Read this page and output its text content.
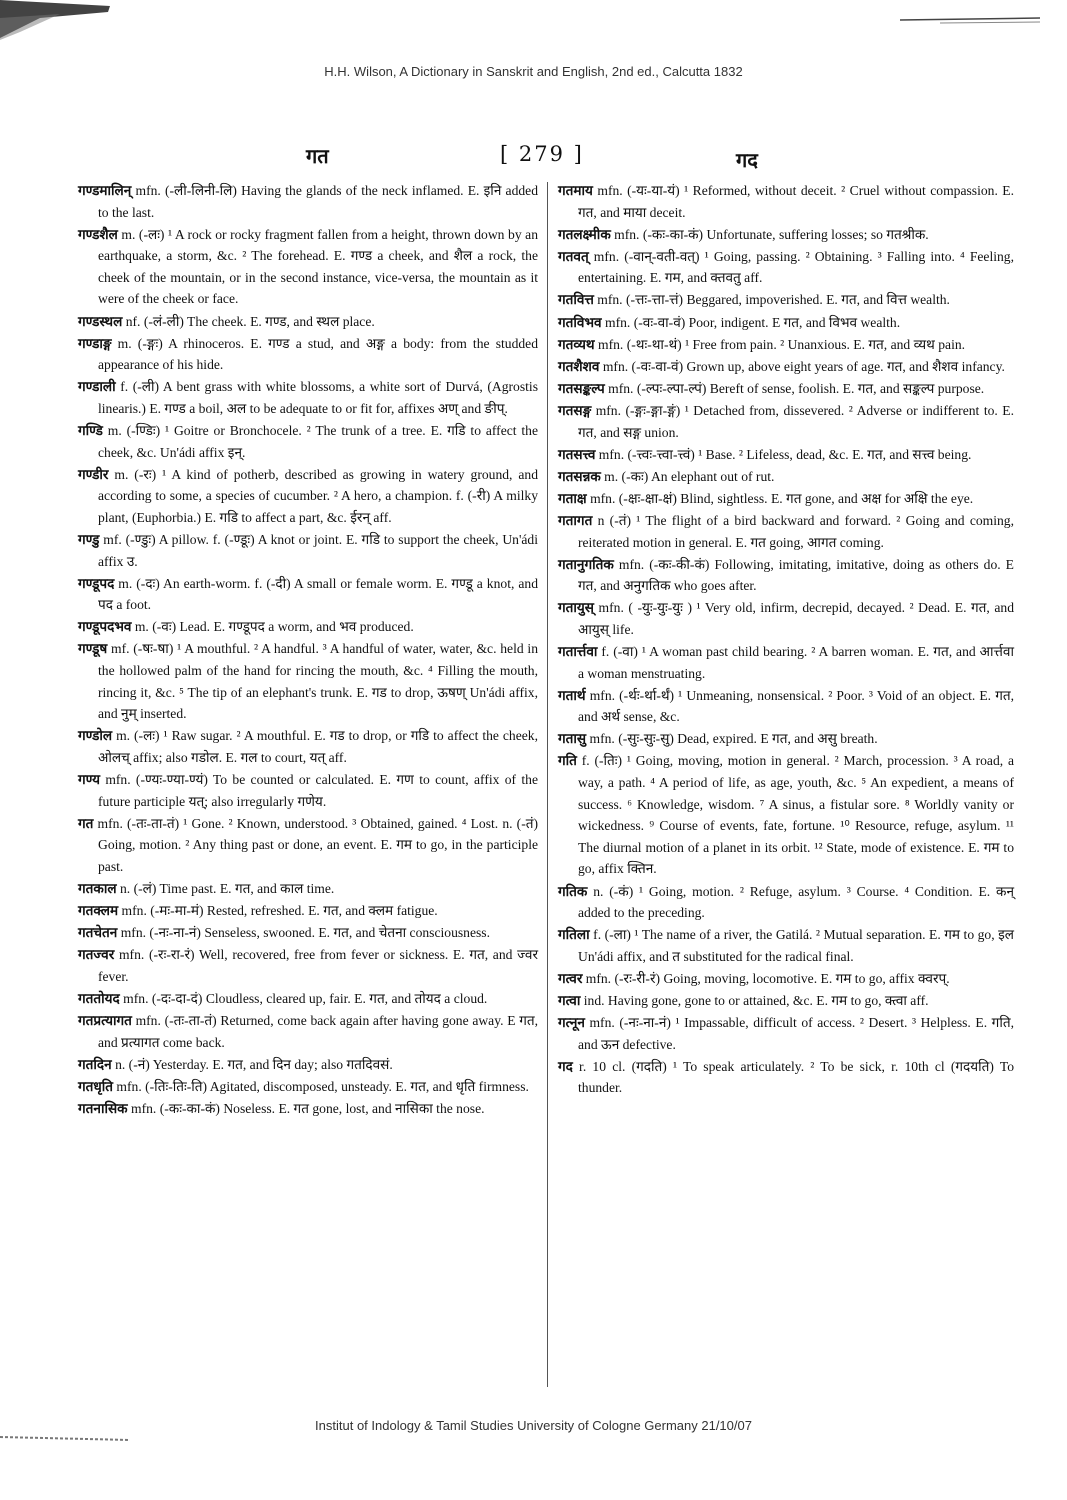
H.H. Wilson, A Dictionary in Sanskrit and English, 2nd ed., Calcutta 1832
गत	[ 279 ]	गद

गण्डमालिन् mfn. (-ली-लिनी-लि) Having the glands of the neck inflamed. E. इनि added to the last.

गण्डशैल m. (-लः) ¹ A rock or rocky fragment fallen from a height, thrown down by an earthquake, a storm, &c. ² The forehead. E. गण्ड a cheek, and शैल a rock, the cheek of the mountain, or in the second instance, vice-versa, the mountain as it were of the cheek or face.

गण्डस्थल nf. (-लं-ली) The cheek. E. गण्ड, and स्थल place.

गण्डाङ्ग m. (-ङ्गः) A rhinoceros. E. गण्ड a stud, and अङ्ग a body: from the studded appearance of his hide.

गण्डाली f. (-ली) A bent grass with white blossoms, a white sort of Durvá, (Agrostis linearis.) E. गण्ड a boil, अल to be adequate to or fit for, affixes अण् and ङीप्.

गण्डि m. (-ण्डिः) ¹ Goitre or Bronchocele. ² The trunk of a tree. E. गडि to affect the cheek, &c. Un'ádi affix इन्.

गण्डीर m. (-रः) ¹ A kind of potherb, described as growing in watery ground, and according to some, a species of cucumber. ² A hero, a champion. f. (-री) A milky plant, (Euphorbia.) E. गडि to affect a part, &c. ईरन् aff.

गण्डु mf. (-ण्डुः) A pillow. f. (-ण्डूः) A knot or joint. E. गडि to support the cheek, Un'ádi affix उ.

गण्डूपद m. (-दः) An earth-worm. f. (-दी) A small or female worm. E. गण्डू a knot, and पद a foot.

गण्डूपदभव m. (-वः) Lead. E. गण्डूपद a worm, and भव produced.

गण्डूष mf. (-षः-षा) ¹ A mouthful. ² A handful. ³ A handful of water, water, &c. held in the hollowed palm of the hand for rincing the mouth, &c. ⁴ Filling the mouth, rincing it, &c. ⁵ The tip of an elephant's trunk. E. गड to drop, ऊषण् Un'ádi affix, and नुम् inserted.

गण्डोल m. (-लः) ¹ Raw sugar. ² A mouthful. E. गड to drop, or गडि to affect the cheek, ओलच् affix; also गडोल. E. गल to court, यत् aff.

गण्य mfn. (-ण्यः-ण्या-ण्यं) To be counted or calculated. E. गण to count, affix of the future participle यत्; also irregularly गणेय.

गत mfn. (-तः-ता-तं) ¹ Gone. ² Known, understood. ³ Obtained, gained. ⁴ Lost. n. (-तं) Going, motion. ² Any thing past or done, an event. E. गम to go, in the participle past.

गतकाल n. (-लं) Time past. E. गत, and काल time.

गतक्लम mfn. (-मः-मा-मं) Rested, refreshed. E. गत, and क्लम fatigue.

गतचेतन mfn. (-नः-ना-नं) Senseless, swooned. E. गत, and चेतना consciousness.

गतज्वर mfn. (-रः-रा-रं) Well, recovered, free from fever or sickness. E. गत, and ज्वर fever.

गततोयद mfn. (-दः-दा-दं) Cloudless, cleared up, fair. E. गत, and तोयद a cloud.

गतप्रत्यागत mfn. (-तः-ता-तं) Returned, come back again after having gone away. E गत, and प्रत्यागत come back.

गतदिन n. (-नं) Yesterday. E. गत, and दिन day; also गतदिवसं.

गतधृति mfn. (-तिः-तिः-ति) Agitated, discomposed, unsteady. E. गत, and धृति firmness.

गतनासिक mfn. (-कः-का-कं) Noseless. E. गत gone, lost, and नासिका the nose.

गतमाय mfn. (-यः-या-यं) ¹ Reformed, without deceit. ² Cruel without compassion. E. गत, and माया deceit.

गतलक्ष्मीक mfn. (-कः-का-कं) Unfortunate, suffering losses; so गतश्रीक.

गतवत् mfn. (-वान्-वती-वत्) ¹ Going, passing. ² Obtaining. ³ Falling into. ⁴ Feeling, entertaining. E. गम, and क्तवतु aff.

गतवित्त mfn. (-त्तः-त्ता-त्तं) Beggared, impoverished. E. गत, and वित्त wealth.

गतविभव mfn. (-वः-वा-वं) Poor, indigent. E गत, and विभव wealth.

गतव्यथ mfn. (-थः-था-थं) ¹ Free from pain. ² Unanxious. E. गत, and व्यथ pain.

गतशैशव mfn. (-वः-वा-वं) Grown up, above eight years of age. गत, and शैशव infancy.

गतसङ्कल्प mfn. (-ल्पः-ल्पा-ल्पं) Bereft of sense, foolish. E. गत, and सङ्कल्प purpose.

गतसङ्ग mfn. (-ङ्गः-ङ्गा-ङ्गं) ¹ Detached from, dissevered. ² Adverse or indifferent to. E. गत, and सङ्ग union.

गतसत्त्व mfn. (-त्त्वः-त्त्वा-त्त्वं) ¹ Base. ² Lifeless, dead, &c. E. गत, and सत्त्व being.

गतसन्नक m. (-कः) An elephant out of rut.

गताक्ष mfn. (-क्षः-क्षा-क्षं) Blind, sightless. E. गत gone, and अक्ष for अक्षि the eye.

गतागत n (-तं) ¹ The flight of a bird backward and forward. ² Going and coming, reiterated motion in general. E. गत going, आगत coming.

गतानुगतिक mfn. (-कः-की-कं) Following, imitating, imitative, doing as others do. E गत, and अनुगतिक who goes after.

गतायुस् mfn. ( -युः-युः-युः ) ¹ Very old, infirm, decrepid, decayed. ² Dead. E. गत, and आयुस् life.

गतार्त्तवा f. (-वा) ¹ A woman past child bearing. ² A barren woman. E. गत, and आर्त्तवा a woman menstruating.

गतार्थ mfn. (-र्थः-र्था-र्थं) ¹ Unmeaning, nonsensical. ² Poor. ³ Void of an object. E. गत, and अर्थ sense, &c.

गतासु mfn. (-सुः-सुः-सु) Dead, expired. E गत, and असु breath.

गति f. (-तिः) ¹ Going, moving, motion in general. ² March, procession. ³ A road, a way, a path. ⁴ A period of life, as age, youth, &c. ⁵ An expedient, a means of success. ⁶ Knowledge, wisdom. ⁷ A sinus, a fistular sore. ⁸ Worldly vanity or wickedness. ⁹ Course of events, fate, fortune. ¹⁰ Resource, refuge, asylum. ¹¹ The diurnal motion of a planet in its orbit. ¹² State, mode of existence. E. गम to go, affix क्तिन.

गतिक n. (-कं) ¹ Going, motion. ² Refuge, asylum. ³ Course. ⁴ Condition. E. कन् added to the preceding.

गतिला f. (-ला) ¹ The name of a river, the Gatilá. ² Mutual separation. E. गम to go, इल Un'ádi affix, and त substituted for the radical final.

गत्वर mfn. (-रः-री-रं) Going, moving, locomotive. E. गम to go, affix क्वरप्.

गत्वा ind. Having gone, gone to or attained, &c. E. गम to go, क्त्वा aff.

गत्नून mfn. (-नः-ना-नं) ¹ Impassable, difficult of access. ² Desert. ³ Helpless. E. गति, and ऊन defective.

गद r. 10 cl. (गदति) ¹ To speak articulately. ² To be sick, r. 10th cl (गदयति) To thunder.

Institut of Indology & Tamil Studies University of Cologne Germany 21/10/07
